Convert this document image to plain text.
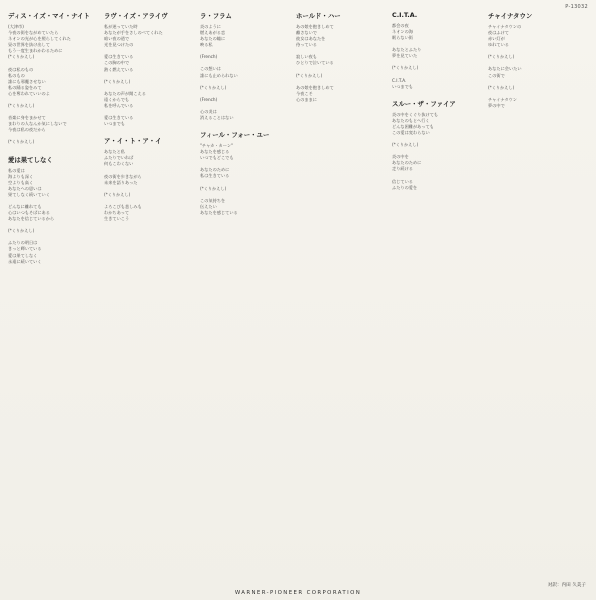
P-13032
ディス・イズ・マイ・ナイト
(大津市)
今夜の街をながめていたら
ネオンの光が心を照らしてくれた
昼の世界を抜け出して
もう一度生まれかわるために
(*くりかえし)
夜は私のもの
私のもの
誰にも邪魔させない
私の踊る姿をみて
心を奪われていいのよ
(*くりかえし)
音楽に身をまかせて
まわりの人なんか気にしないで
今夜は私の夜だから
(*くりかえし)
愛は果てしなく
私の愛は
海よりも深く
空よりも高く
あなたへの思いは
果てしなく続いていく
どんなに離れても
心はいつもそばにある
あなたを信じているから
(*くりかえし)
ふたりの明日は
きっと輝いている
愛は果てしなく
永遠に続いていく
ラヴ・イズ・アライヴ
私が迷っていた時
あなたが手をさしのべてくれた
暗い夜の道で
光を見つけたの
愛は生きている
この胸の中で
熱く燃えている
(*くりかえし)
あなたの声が聞こえる
遠くからでも
私を呼んでいる
愛は生きている
いつまでも
ア・イ・ト・ア・イ
あなたと私
ふたりでいれば
何もこわくない
夜の街を歩きながら
未来を語りあった
(*くりかえし)
よろこびも悲しみも
わかちあって
生きていこう
ラ・フラム
炎のように
燃えあがる恋
あなたの瞳に
映る私
(French)
この想いは
誰にも止められない
(*くりかえし)
(French)
心の炎は
消えることはない
フィール・フォー・ユー
"チャカ・カーン"
あなたを感じる
いつでもどこでも
あなたのために
私は生きている
(*くりかえし)
この気持ちを
伝えたい
あなたを感じている
ホールド・ハー
あの娘を抱きしめて
離さないで
彼女はあなたを
待っている
寂しい夜も
ひとりで泣いている
(*くりかえし)
あの娘を抱きしめて
今夜こそ
心のままに
C.I.T.A.
都会の夜
ネオンの海
眠らない街
あなたとふたり
夢を見ていた
(*くりかえし)
C.I.T.A.
いつまでも
スルー・ザ・ファイア
炎の中をくぐり抜けても
あなたのもとへ行く
どんな困難があっても
この愛は変わらない
(*くりかえし)
炎の中を
あなたのために
走り続ける
信じている
ふたりの愛を
チャイナタウン
チャイナタウンの
夜はふけて
赤い灯が
ゆれている
(*くりかえし)
あなたに会いたい
この街で
(*くりかえし)
チャイナタウン
夢の中で
対訳：内田 久美子
WARNER-PIONEER CORPORATION
